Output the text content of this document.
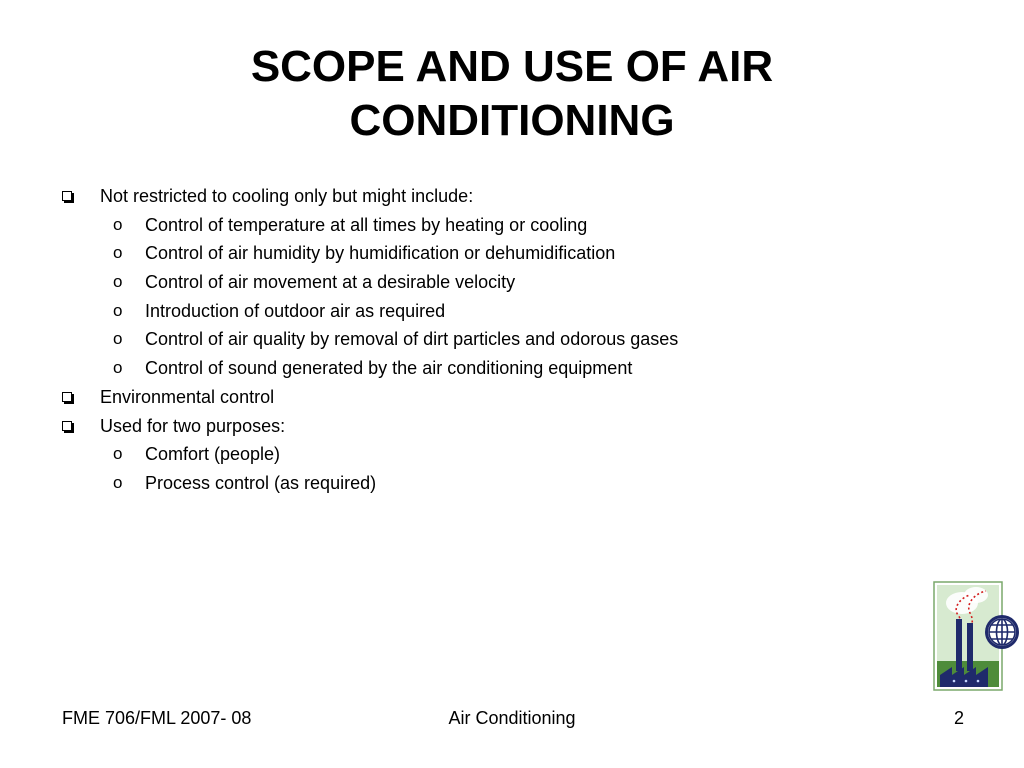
SCOPE AND USE OF AIR
CONDITIONING
Not restricted to cooling only but might include:
o Control of temperature at all times by heating or cooling
o Control of air humidity by humidification or dehumidification
o Control of air movement at a desirable velocity
o Introduction of outdoor air as required
o Control of air quality by removal of dirt particles and odorous gases
o Control of sound generated by the air conditioning equipment
Environmental control
Used for two purposes:
o Comfort (people)
o Process control (as required)
FME 706/FML 2007- 08	Air Conditioning	2
